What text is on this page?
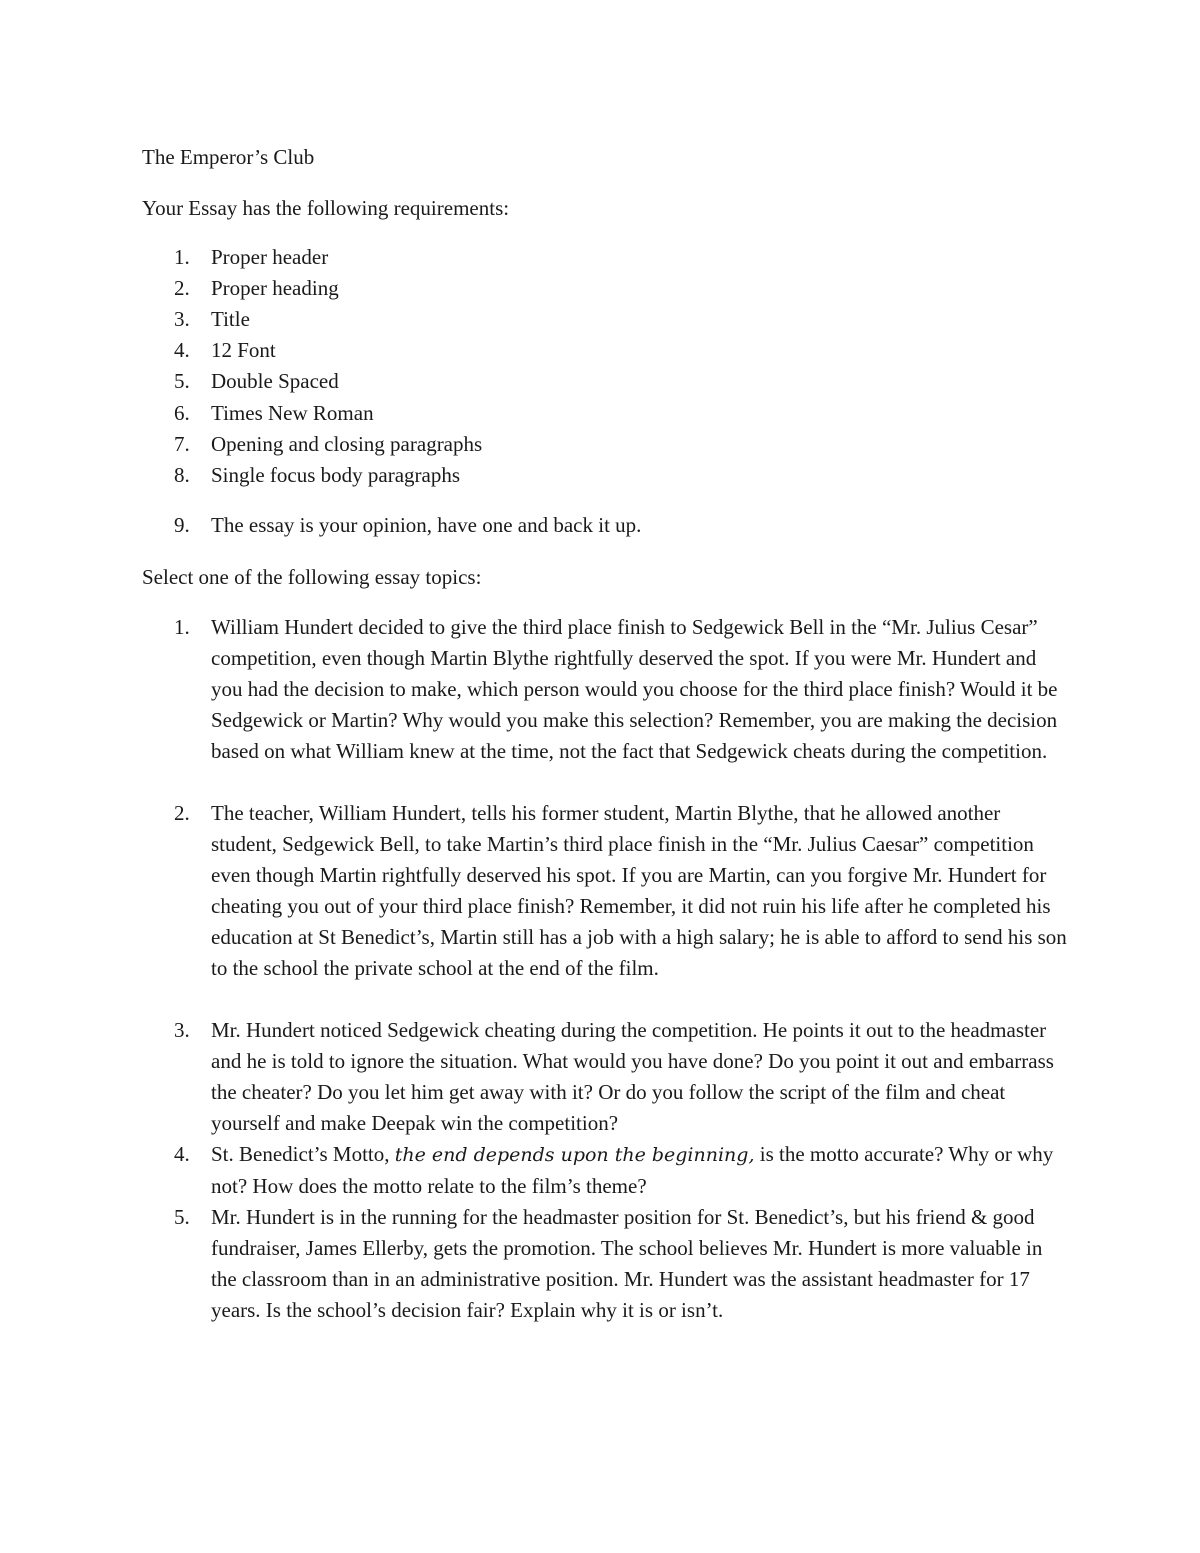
The Emperor’s Club
Your Essay has the following requirements:
1. Proper header
2. Proper heading
3. Title
4. 12 Font
5. Double Spaced
6. Times New Roman
7. Opening and closing paragraphs
8. Single focus body paragraphs
9. The essay is your opinion, have one and back it up.
Select one of the following essay topics:
1. William Hundert decided to give the third place finish to Sedgewick Bell in the “Mr. Julius Cesar” competition, even though Martin Blythe rightfully deserved the spot. If you were Mr. Hundert and you had the decision to make, which person would you choose for the third place finish? Would it be Sedgewick or Martin? Why would you make this selection? Remember, you are making the decision based on what William knew at the time, not the fact that Sedgewick cheats during the competition.
2. The teacher, William Hundert, tells his former student, Martin Blythe, that he allowed another student, Sedgewick Bell, to take Martin’s third place finish in the “Mr. Julius Caesar” competition even though Martin rightfully deserved his spot. If you are Martin, can you forgive Mr. Hundert for cheating you out of your third place finish? Remember, it did not ruin his life after he completed his education at St Benedict’s, Martin still has a job with a high salary; he is able to afford to send his son to the school the private school at the end of the film.
3. Mr. Hundert noticed Sedgewick cheating during the competition. He points it out to the headmaster and he is told to ignore the situation. What would you have done? Do you point it out and embarrass the cheater? Do you let him get away with it? Or do you follow the script of the film and cheat yourself and make Deepak win the competition?
4. St. Benedict’s Motto, the end depends upon the beginning, is the motto accurate? Why or why not? How does the motto relate to the film’s theme?
5. Mr. Hundert is in the running for the headmaster position for St. Benedict’s, but his friend & good fundraiser, James Ellerby, gets the promotion. The school believes Mr. Hundert is more valuable in the classroom than in an administrative position. Mr. Hundert was the assistant headmaster for 17 years. Is the school’s decision fair? Explain why it is or isn’t.
